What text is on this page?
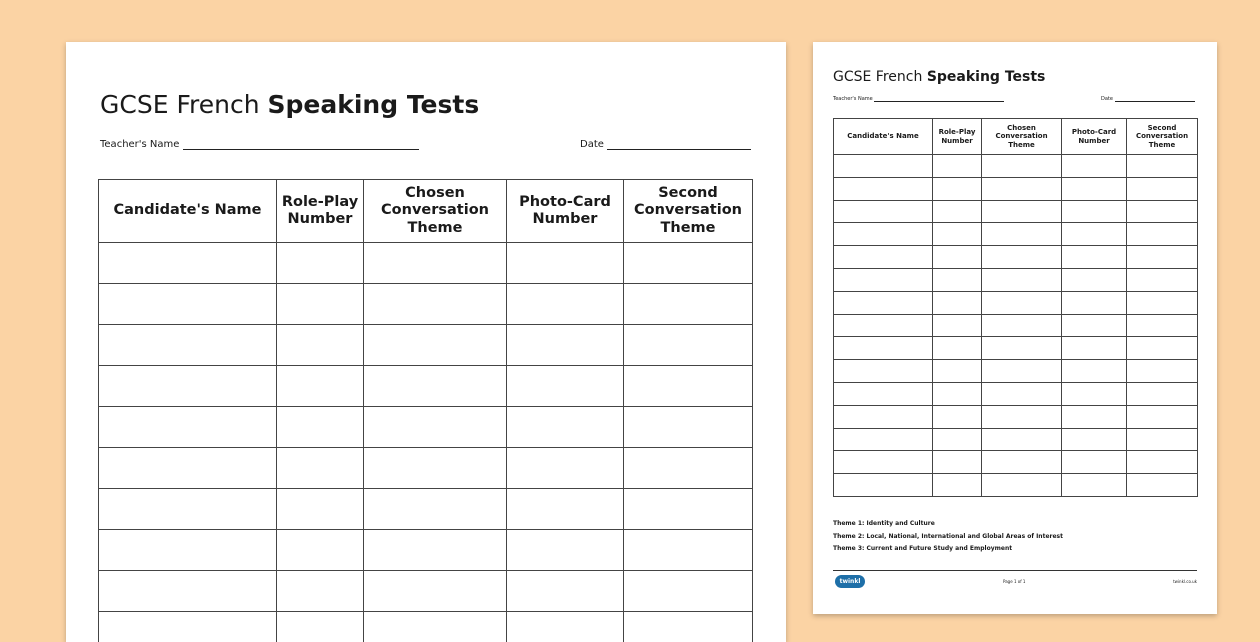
GCSE French Speaking Tests
Teacher's Name
	Date

Candidate's Name	Role-Play Number	Chosen Conversation Theme	Photo-Card Number	Second Conversation Theme

GCSE French Speaking Tests
Teacher's Name
	Date

Candidate's Name	Role-Play Number	Chosen Conversation Theme	Photo-Card Number	Second Conversation Theme

Theme 1: Identity and Culture
Theme 2: Local, National, International and Global Areas of Interest
Theme 3: Current and Future Study and Employment
twinkl	Page 1 of 1	twinkl.co.uk
